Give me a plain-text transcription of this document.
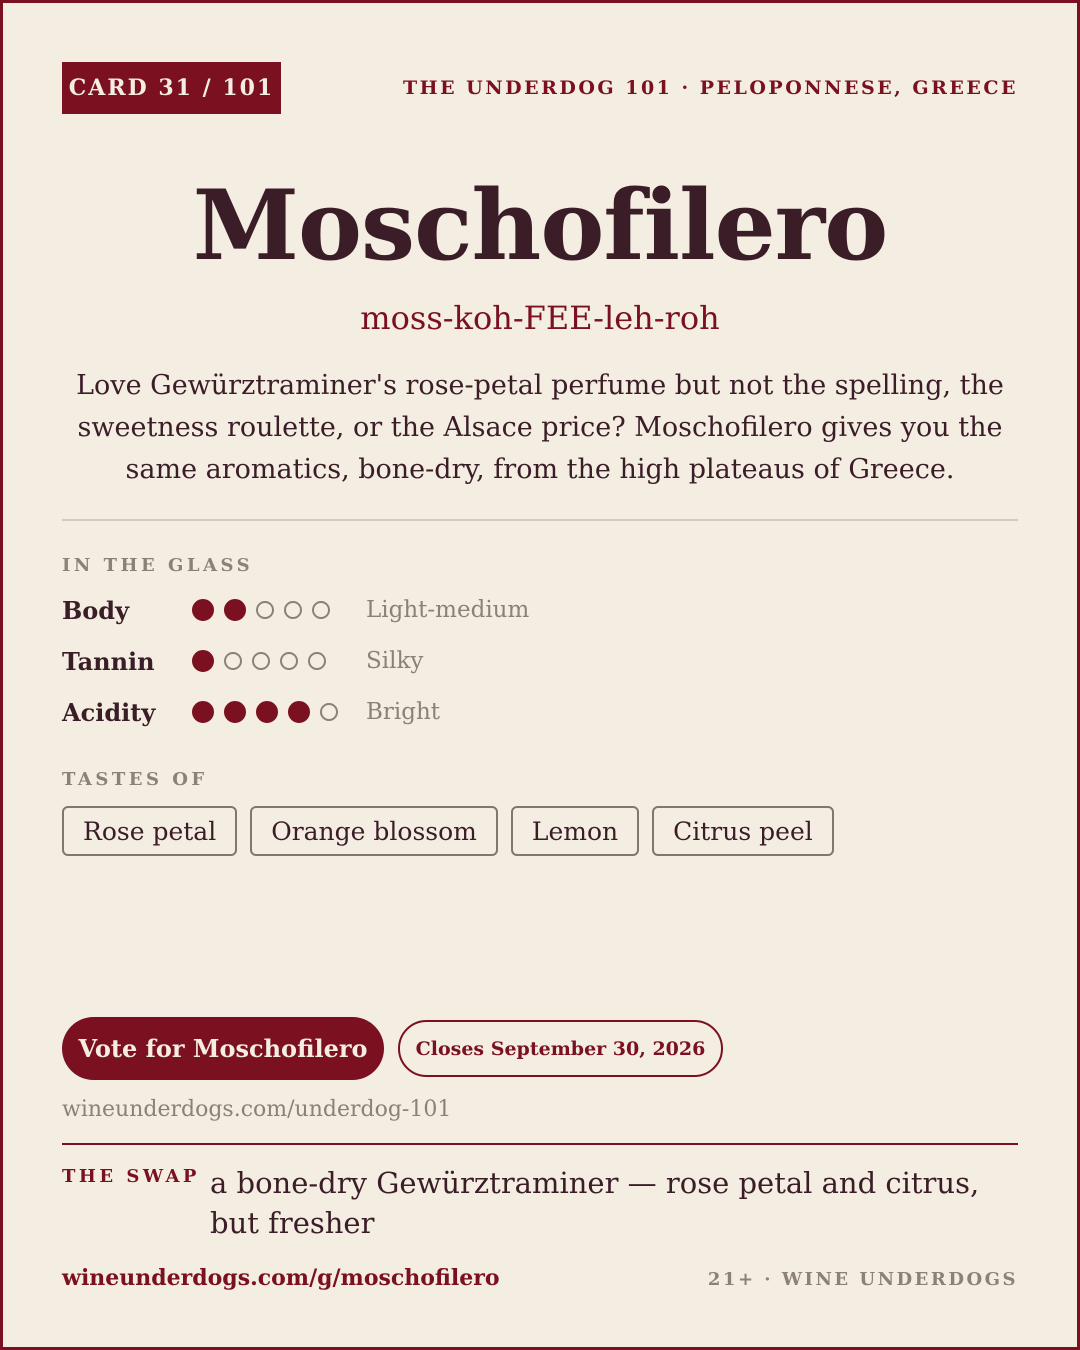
CARD 31 / 101	THE UNDERDOG 101 · PELOPONNESE, GREECE
Moschofilero
moss-koh-FEE-leh-roh
Love Gewürztraminer's rose-petal perfume but not the spelling, the sweetness roulette, or the Alsace price? Moschofilero gives you the same aromatics, bone-dry, from the high plateaus of Greece.
IN THE GLASS
Body	Light-medium
Tannin	Silky
Acidity	Bright
TASTES OF
Rose petal	Orange blossom	Lemon	Citrus peel
Vote for Moschofilero	Closes September 30, 2026
wineunderdogs.com/underdog-101
THE SWAP a bone-dry Gewürztraminer — rose petal and citrus, but fresher
wineunderdogs.com/g/moschofilero	21+ · WINE UNDERDOGS
